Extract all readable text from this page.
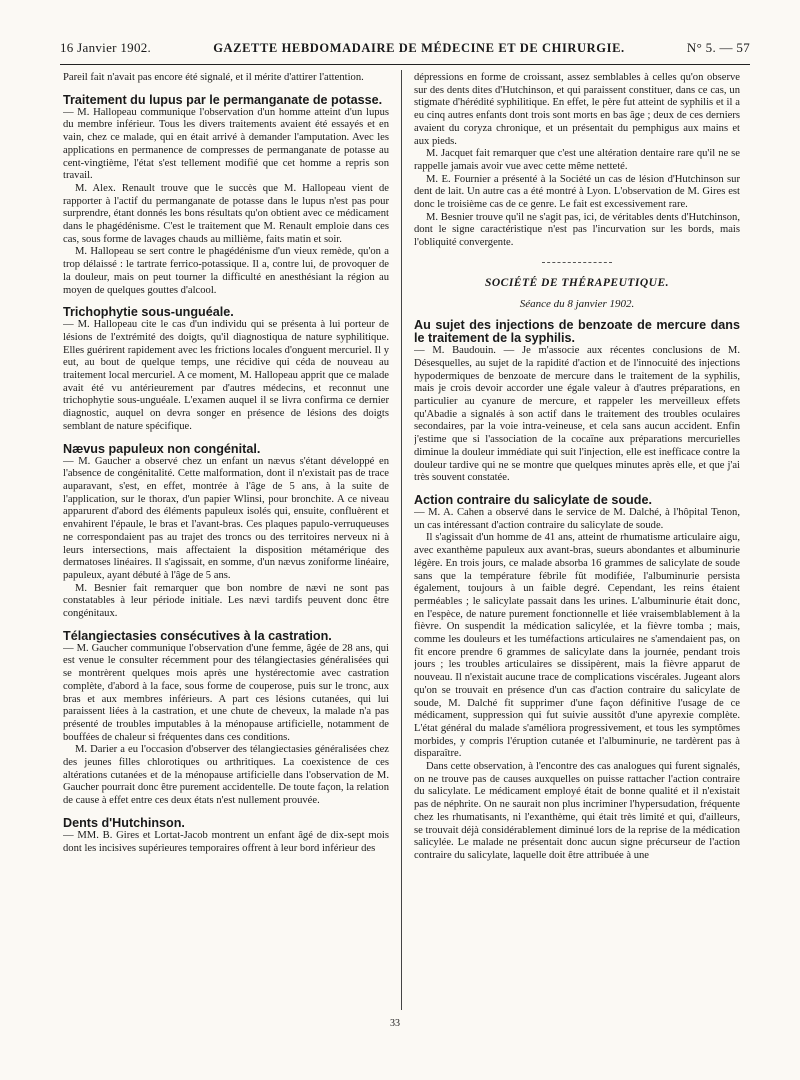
16 Janvier 1902.	GAZETTE HEBDOMADAIRE DE MÉDECINE ET DE CHIRURGIE.	N° 5. — 57

Pareil fait n'avait pas encore été signalé, et il mérite d'attirer l'attention.

Traitement du lupus par le permanganate de potasse.

— M. Hallopeau communique l'observation d'un homme atteint d'un lupus du membre inférieur. Tous les divers traitements avaient été essayés et en vain, chez ce malade, qui en était arrivé à demander l'amputation. Avec les applications en permanence de compresses de permanganate de potasse au cent-vingtième, l'état s'est tellement modifié que cet homme a repris son travail.

M. Alex. Renault trouve que le succès que M. Hallopeau vient de rapporter à l'actif du permanganate de potasse dans le lupus n'est pas pour surprendre, étant donnés les bons résultats qu'on obtient avec ce médicament dans le phagédénisme. C'est le traitement que M. Renault emploie dans ces cas, sous forme de lavages chauds au millième, faits matin et soir.

M. Hallopeau se sert contre le phagédénisme d'un vieux remède, qu'on a trop délaissé : le tartrate ferrico-potassique. Il a, contre lui, de provoquer de la douleur, mais on peut tourner la difficulté en anesthésiant la région au moyen de quelques gouttes d'alcool.

Trichophytie sous-unguéale.

— M. Hallopeau cite le cas d'un individu qui se présenta à lui porteur de lésions de l'extrémité des doigts, qu'il diagnostiqua de nature syphilitique. Elles guérirent rapidement avec les frictions locales d'onguent mercuriel. Il y eut, au bout de quelque temps, une récidive qui céda de nouveau au traitement local mercuriel. A ce moment, M. Hallopeau apprit que ce malade avait été vu antérieurement par d'autres médecins, et reconnut une trichophytie sous-unguéale. L'examen auquel il se livra confirma ce dernier diagnostic, auquel on devra songer en présence de lésions des doigts semblant de nature spécifique.

Nævus papuleux non congénital.

— M. Gaucher a observé chez un enfant un nævus s'étant développé en l'absence de congénitalité. Cette malformation, dont il n'existait pas de trace auparavant, s'est, en effet, montrée à l'âge de 5 ans, à la suite de l'application, sur le thorax, d'un papier Wlinsi, pour bronchite. A ce niveau apparurent d'abord des éléments papuleux isolés qui, ensuite, confluèrent et envahirent l'épaule, le bras et l'avant-bras. Ces plaques papulo-verruqueuses ne correspondaient pas au trajet des troncs ou des territoires nerveux ni à leurs intersections, mais affectaient la disposition métamérique des dermatoses linéaires. Il s'agissait, en somme, d'un nævus zoniforme linéaire, papuleux, ayant débuté à l'âge de 5 ans.

M. Besnier fait remarquer que bon nombre de nævi ne sont pas constatables à leur période initiale. Les nævi tardifs peuvent donc être congénitaux.

Télangiectasies consécutives à la castration.

— M. Gaucher communique l'observation d'une femme, âgée de 28 ans, qui est venue le consulter récemment pour des télangiectasies généralisées qui se montrèrent quelques mois après une hystérectomie avec castration complète, d'abord à la face, sous forme de couperose, puis sur le tronc, aux bras et aux membres inférieurs. A part ces lésions cutanées, qui lui paraissent liées à la castration, et une chute de cheveux, la malade n'a pas présenté de troubles imputables à la ménopause artificielle, notamment de bouffées de chaleur si fréquentes dans ces conditions.

M. Darier a eu l'occasion d'observer des télangiectasies généralisées chez des jeunes filles chlorotiques ou arthritiques. La coexistence de ces altérations cutanées et de la ménopause artificielle dans l'observation de M. Gaucher pourrait donc être purement accidentelle. De toute façon, la relation de cause à effet entre ces deux états n'est nullement prouvée.

Dents d'Hutchinson.

— MM. B. Gires et Lortat-Jacob montrent un enfant âgé de dix-sept mois dont les incisives supérieures temporaires offrent à leur bord inférieur des

dépressions en forme de croissant, assez semblables à celles qu'on observe sur des dents dites d'Hutchinson, et qui paraissent constituer, dans ce cas, un stigmate d'hérédité syphilitique. En effet, le père fut atteint de syphilis et il a eu cinq autres enfants dont trois sont morts en bas âge ; deux de ces derniers avaient du coryza chronique, et un présentait du pemphigus aux mains et aux pieds.

M. Jacquet fait remarquer que c'est une altération dentaire rare qu'il ne se rappelle jamais avoir vue avec cette même netteté.

M. E. Fournier a présenté à la Société un cas de lésion d'Hutchinson sur dent de lait. Un autre cas a été montré à Lyon. L'observation de M. Gires est donc le troisième cas de ce genre. Le fait est excessivement rare.

M. Besnier trouve qu'il ne s'agit pas, ici, de véritables dents d'Hutchinson, dont le signe caractéristique n'est pas l'incurvation sur les bords, mais l'obliquité convergente.

SOCIÉTÉ DE THÉRAPEUTIQUE.
Séance du 8 janvier 1902.
Au sujet des injections de benzoate de mercure dans le traitement de la syphilis.

— M. Baudouin. — Je m'associe aux récentes conclusions de M. Désesquelles, au sujet de la rapidité d'action et de l'innocuité des injections hypodermiques de benzoate de mercure dans le traitement de la syphilis, mais je crois devoir accorder une égale valeur à d'autres préparations, en particulier au cyanure de mercure, et rappeler les merveilleux effets qu'Abadie a signalés à son actif dans le traitement des troubles oculaires secondaires, par la voie intra-veineuse, et cela sans aucun accident. Enfin j'estime que si l'association de la cocaïne aux préparations mercurielles diminue la douleur immédiate qui suit l'injection, elle est inefficace contre la douleur tardive qui ne se montre que quelques minutes après elle, et que j'ai très souvent constatée.

Action contraire du salicylate de soude.

— M. A. Cahen a observé dans le service de M. Dalché, à l'hôpital Tenon, un cas intéressant d'action contraire du salicylate de soude.

Il s'agissait d'un homme de 41 ans, atteint de rhumatisme articulaire aigu, avec exanthème papuleux aux avant-bras, sueurs abondantes et albuminurie légère. En trois jours, ce malade absorba 16 grammes de salicylate de soude sans que la température fébrile fût modifiée, l'albuminurie persista également, toujours à un faible degré. Cependant, les reins étaient perméables ; le salicylate passait dans les urines. L'albuminurie était donc, en l'espèce, de nature purement fonctionnelle et liée vraisemblablement à la fièvre. On suspendit la médication salicylée, et la fièvre tomba ; mais, comme les douleurs et les tuméfactions articulaires ne s'amendaient pas, on fit encore prendre 6 grammes de salicylate dans la journée, pendant trois jours ; les troubles articulaires se dissipèrent, mais la fièvre apparut de nouveau. Il n'existait aucune trace de complications viscérales. Jugeant alors qu'on se trouvait en présence d'un cas d'action contraire du salicylate de soude, M. Dalché fit supprimer d'une façon définitive l'usage de ce médicament, suppression qui fut suivie aussitôt d'une apyrexie complète. L'état général du malade s'améliora progressivement, et tous les symptômes morbides, y compris l'éruption cutanée et l'albuminurie, ne tardèrent pas à disparaître.

Dans cette observation, à l'encontre des cas analogues qui furent signalés, on ne trouve pas de causes auxquelles on puisse rattacher l'action contraire du salicylate. Le médicament employé était de bonne qualité et il n'existait pas de néphrite. On ne saurait non plus incriminer l'hypersudation, fréquente chez les rhumatisants, ni l'exanthème, qui était très limité et qui, d'ailleurs, se trouvait déjà considérablement diminué lors de la reprise de la médication salicylée. Le malade ne présentait donc aucun signe précurseur de l'action contraire du salicylate, laquelle doit être attribuée à une

33
